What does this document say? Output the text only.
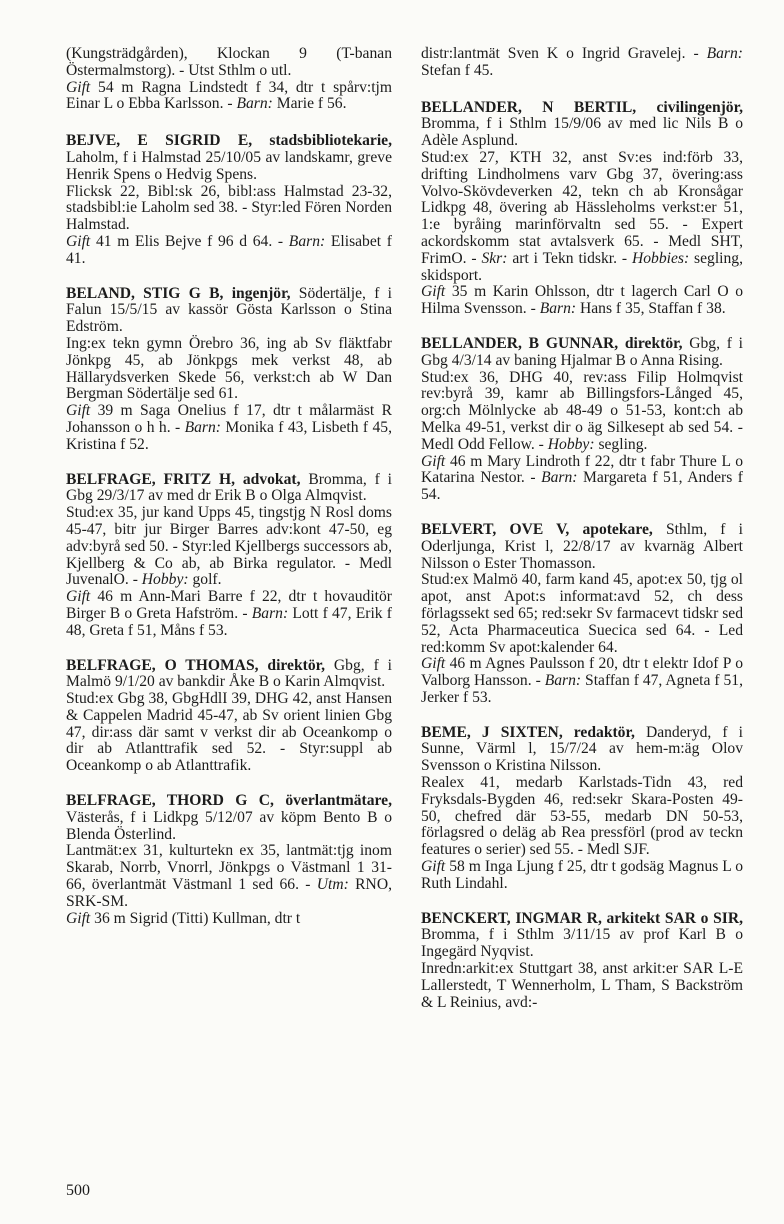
(Kungsträdgården), Klockan 9 (T-banan Östermalmstorg). - Utst Sthlm o utl.

Gift 54 m Ragna Lindstedt f 34, dtr t spårv:tjm Einar L o Ebba Karlsson. - Barn: Marie f 56.

BEJVE, E SIGRID E, stadsbibliotekarie, Laholm, f i Halmstad 25/10/05 av landskamr, greve Henrik Spens o Hedvig Spens.

Flicksk 22, Bibl:sk 26, bibl:ass Halmstad 23-32, stadsbibl:ie Laholm sed 38. - Styr:led Fören Norden Halmstad.

Gift 41 m Elis Bejve f 96 d 64. - Barn: Elisabet f 41.

BELAND, STIG G B, ingenjör, Södertälje, f i Falun 15/5/15 av kassör Gösta Karlsson o Stina Edström.

Ing:ex tekn gymn Örebro 36, ing ab Sv fläktfabr Jönkpg 45, ab Jönkpgs mek verkst 48, ab Hällarydsverken Skede 56, verkst:ch ab W Dan Bergman Södertälje sed 61.

Gift 39 m Saga Onelius f 17, dtr t målarmäst R Johansson o h h. - Barn: Monika f 43, Lisbeth f 45, Kristina f 52.

BELFRAGE, FRITZ H, advokat, Bromma, f i Gbg 29/3/17 av med dr Erik B o Olga Almqvist.

Stud:ex 35, jur kand Upps 45, tingstjg N Rosl doms 45-47, bitr jur Birger Barres adv:kont 47-50, eg adv:byrå sed 50. - Styr:led Kjellbergs successors ab, Kjellberg & Co ab, ab Birka regulator. - Medl JuvenalO. - Hobby: golf.

Gift 46 m Ann-Mari Barre f 22, dtr t hovauditör Birger B o Greta Hafström. - Barn: Lott f 47, Erik f 48, Greta f 51, Måns f 53.

BELFRAGE, O THOMAS, direktör, Gbg, f i Malmö 9/1/20 av bankdir Åke B o Karin Almqvist.

Stud:ex Gbg 38, GbgHdlI 39, DHG 42, anst Hansen & Cappelen Madrid 45-47, ab Sv orient linien Gbg 47, dir:ass där samt v verkst dir ab Oceankomp o dir ab Atlanttrafik sed 52. - Styr:suppl ab Oceankomp o ab Atlanttrafik.

BELFRAGE, THORD G C, överlantmätare, Västerås, f i Lidkpg 5/12/07 av köpm Bento B o Blenda Österlind.

Lantmät:ex 31, kulturtekn ex 35, lantmät:tjg inom Skarab, Norrb, Vnorrl, Jönkpgs o Västmanl 1 31-66, överlantmät Västmanl 1 sed 66. - Utm: RNO, SRK-SM.

Gift 36 m Sigrid (Titti) Kullman, dtr t

distr:lantmät Sven K o Ingrid Gravelej. - Barn: Stefan f 45.

BELLANDER, N BERTIL, civilingenjör, Bromma, f i Sthlm 15/9/06 av med lic Nils B o Adèle Asplund.

Stud:ex 27, KTH 32, anst Sv:es ind:förb 33, drifting Lindholmens varv Gbg 37, övering:ass Volvo-Skövdeverken 42, tekn ch ab Kronsågar Lidkpg 48, övering ab Hässleholms verkst:er 51, 1:e byråing marinförvaltn sed 55. - Expert ackordskomm stat avtalsverk 65. - Medl SHT, FrimO. - Skr: art i Tekn tidskr. - Hobbies: segling, skidsport.

Gift 35 m Karin Ohlsson, dtr t lagerch Carl O o Hilma Svensson. - Barn: Hans f 35, Staffan f 38.

BELLANDER, B GUNNAR, direktör, Gbg, f i Gbg 4/3/14 av baning Hjalmar B o Anna Rising.

Stud:ex 36, DHG 40, rev:ass Filip Holmqvist rev:byrå 39, kamr ab Billingsfors-Långed 45, org:ch Mölnlycke ab 48-49 o 51-53, kont:ch ab Melka 49-51, verkst dir o äg Silkesept ab sed 54. - Medl Odd Fellow. - Hobby: segling.

Gift 46 m Mary Lindroth f 22, dtr t fabr Thure L o Katarina Nestor. - Barn: Margareta f 51, Anders f 54.

BELVERT, OVE V, apotekare, Sthlm, f i Oderljunga, Krist l, 22/8/17 av kvarnäg Albert Nilsson o Ester Thomasson.

Stud:ex Malmö 40, farm kand 45, apot:ex 50, tjg ol apot, anst Apot:s informat:avd 52, ch dess förlagssekt sed 65; red:sekr Sv farmacevt tidskr sed 52, Acta Pharmaceutica Suecica sed 64. - Led red:komm Sv apot:kalender 64.

Gift 46 m Agnes Paulsson f 20, dtr t elektr Idof P o Valborg Hansson. - Barn: Staffan f 47, Agneta f 51, Jerker f 53.

BEME, J SIXTEN, redaktör, Danderyd, f i Sunne, Värml l, 15/7/24 av hem-m:äg Olov Svensson o Kristina Nilsson.

Realex 41, medarb Karlstads-Tidn 43, red Fryksdals-Bygden 46, red:sekr Skara-Posten 49-50, chefred där 53-55, medarb DN 50-53, förlagsred o deläg ab Rea pressförl (prod av teckn features o serier) sed 55. - Medl SJF.

Gift 58 m Inga Ljung f 25, dtr t godsäg Magnus L o Ruth Lindahl.

BENCKERT, INGMAR R, arkitekt SAR o SIR, Bromma, f i Sthlm 3/11/15 av prof Karl B o Ingegärd Nyqvist.

Inredn:arkit:ex Stuttgart 38, anst arkit:er SAR L-E Lallerstedt, T Wennerholm, L Tham, S Backström & L Reinius, avd:-

500
